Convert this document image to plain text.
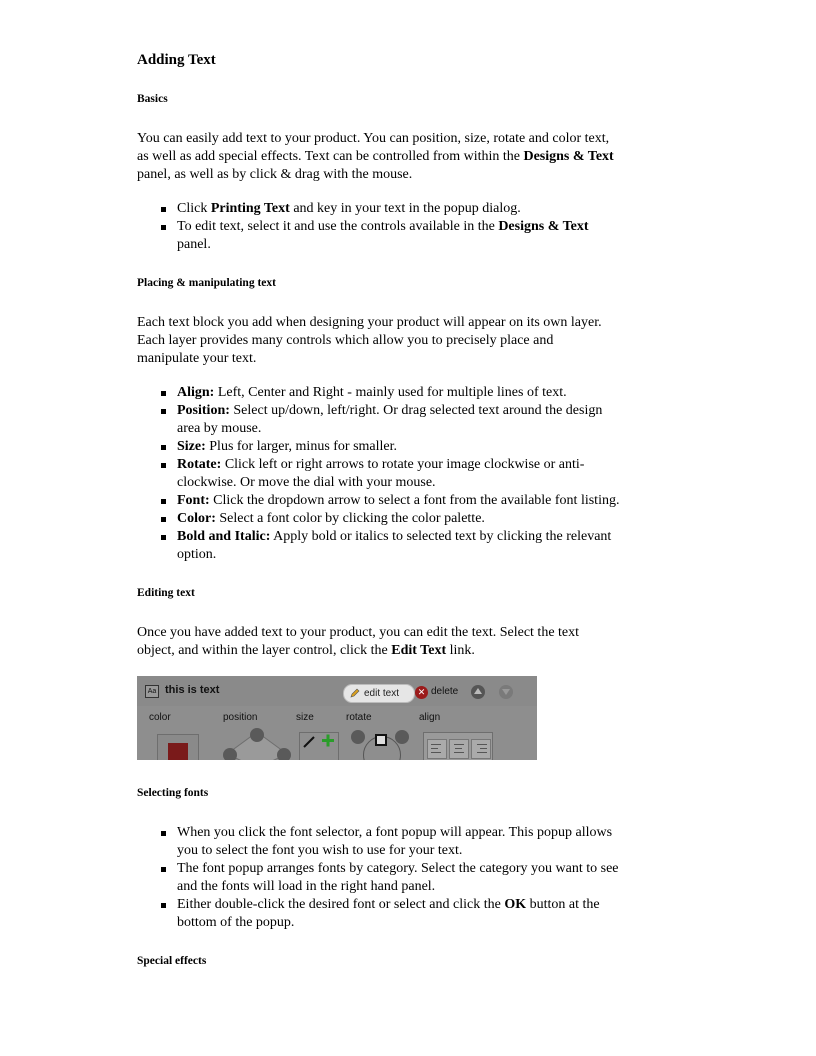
Adding Text
Basics
You can easily add text to your product. You can position, size, rotate and color text,
as well as add special effects. Text can be controlled from within the Designs & Text
panel, as well as by click & drag with the mouse.
Click Printing Text and key in your text in the popup dialog.
To edit text, select it and use the controls available in the Designs & Text
panel.
Placing & manipulating text
Each text block you add when designing your product will appear on its own layer.
Each layer provides many controls which allow you to precisely place and
manipulate your text.
Align: Left, Center and Right - mainly used for multiple lines of text.
Position: Select up/down, left/right. Or drag selected text around the design
area by mouse.
Size: Plus for larger, minus for smaller.
Rotate: Click left or right arrows to rotate your image clockwise or anti-
clockwise. Or move the dial with your mouse.
Font: Click the dropdown arrow to select a font from the available font listing.
Color: Select a font color by clicking the color palette.
Bold and Italic: Apply bold or italics to selected text by clicking the relevant
option.
Editing text
Once you have added text to your product, you can edit the text. Select the text
object, and within the layer control, click the Edit Text link.
Aa this is text	edit text	✕ delete
color	position	size	rotate	align
Selecting fonts
When you click the font selector, a font popup will appear. This popup allows
you to select the font you wish to use for your text.
The font popup arranges fonts by category. Select the category you want to see
and the fonts will load in the right hand panel.
Either double-click the desired font or select and click the OK button at the
bottom of the popup.
Special effects
